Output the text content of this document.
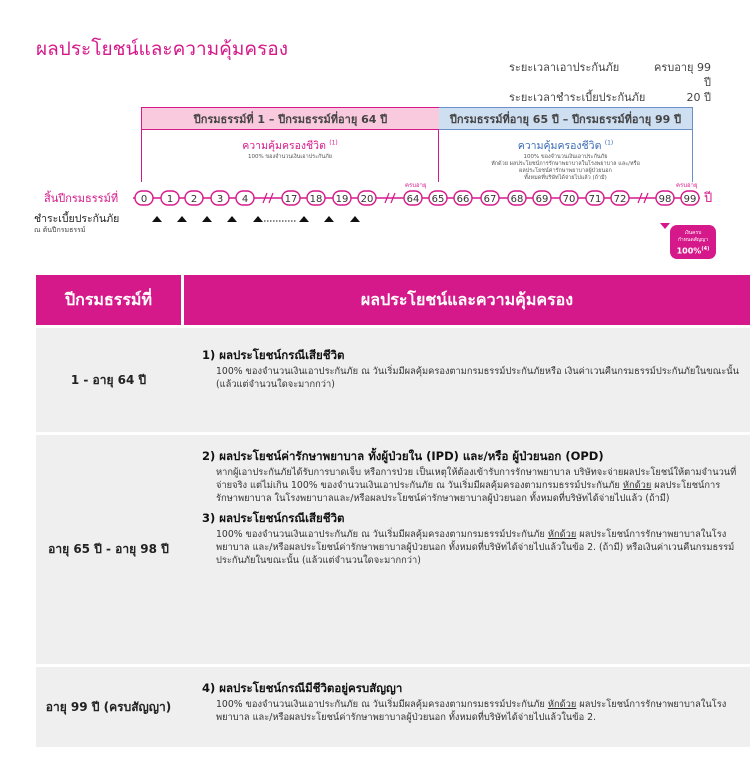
ผลประโยชน์และความคุ้มครอง
ระยะเวลาเอาประกันภัย	ครบอายุ 99 ปี
ระยะเวลาชำระเบี้ยประกันภัย	20 ปี
ปีกรมธรรม์ที่ 1 – ปีกรมธรรม์ที่อายุ 64 ปี	ปีกรมธรรม์ที่อายุ 65 ปี – ปีกรมธรรม์ที่อายุ 99 ปี
ความคุ้มครองชีวิต $^{(1)}$
100% ของจำนวนเงินเอาประกันภัย
ความคุ้มครองชีวิต $^{(1)}$
100% ของจำนวนเงินเอาประกันภัย
หักด้วย ผลประโยชน์การรักษาพยาบาลในโรงพยาบาล และ/หรือ
ผลประโยชน์ค่ารักษาพยาบาลผู้ป่วยนอก
ทั้งหมดที่บริษัทได้จ่ายไปแล้ว (ถ้ามี)
ครบอายุ	ครบอายุ
สิ้นปีกรมธรรม์ที่	ปี
0 1 2 3 4	17 18 19 20	64 65 66 67 68 69 70 71 72	98 99
ชำระเบี้ยประกันภัย
ณ ต้นปีกรมธรรม์	เงินครบ
กำหนดสัญญา
100%$^{(4)}$
ปีกรมธรรม์ที่	ผลประโยชน์และความคุ้มครอง
1 - อายุ 64 ปี
1) ผลประโยชน์กรณีเสียชีวิต
100% ของจำนวนเงินเอาประกันภัย ณ วันเริ่มมีผลคุ้มครองตามกรมธรรม์ประกันภัยหรือ เงินค่าเวนคืนกรมธรรม์ประกันภัยในขณะนั้น (แล้วแต่จำนวนใดจะมากกว่า)
อายุ 65 ปี - อายุ 98 ปี
2) ผลประโยชน์ค่ารักษาพยาบาล ทั้งผู้ป่วยใน (IPD) และ/หรือ ผู้ป่วยนอก (OPD)
หากผู้เอาประกันภัยได้รับการบาดเจ็บ หรือการป่วย เป็นเหตุให้ต้องเข้ารับการรักษาพยาบาล บริษัทจะจ่ายผลประโยชน์ให้ตามจำนวนที่จ่ายจริง แต่ไม่เกิน 100% ของจำนวนเงินเอาประกันภัย ณ วันเริ่มมีผลคุ้มครองตามกรมธรรม์ประกันภัย หักด้วย ผลประโยชน์การรักษาพยาบาล ในโรงพยาบาลและ/หรือผลประโยชน์ค่ารักษาพยาบาลผู้ป่วยนอก ทั้งหมดที่บริษัทได้จ่ายไปแล้ว (ถ้ามี)
3) ผลประโยชน์กรณีเสียชีวิต
100% ของจำนวนเงินเอาประกันภัย ณ วันเริ่มมีผลคุ้มครองตามกรมธรรม์ประกันภัย หักด้วย ผลประโยชน์การรักษาพยาบาลในโรงพยาบาล และ/หรือผลประโยชน์ค่ารักษาพยาบาลผู้ป่วยนอก ทั้งหมดที่บริษัทได้จ่ายไปแล้วในข้อ 2. (ถ้ามี) หรือเงินค่าเวนคืนกรมธรรม์ประกันภัยในขณะนั้น (แล้วแต่จำนวนใดจะมากกว่า)
อายุ 99 ปี (ครบสัญญา)
4) ผลประโยชน์กรณีมีชีวิตอยู่ครบสัญญา
100% ของจำนวนเงินเอาประกันภัย ณ วันเริ่มมีผลคุ้มครองตามกรมธรรม์ประกันภัย หักด้วย ผลประโยชน์การรักษาพยาบาลในโรงพยาบาล และ/หรือผลประโยชน์ค่ารักษาพยาบาลผู้ป่วยนอก ทั้งหมดที่บริษัทได้จ่ายไปแล้วในข้อ 2.
